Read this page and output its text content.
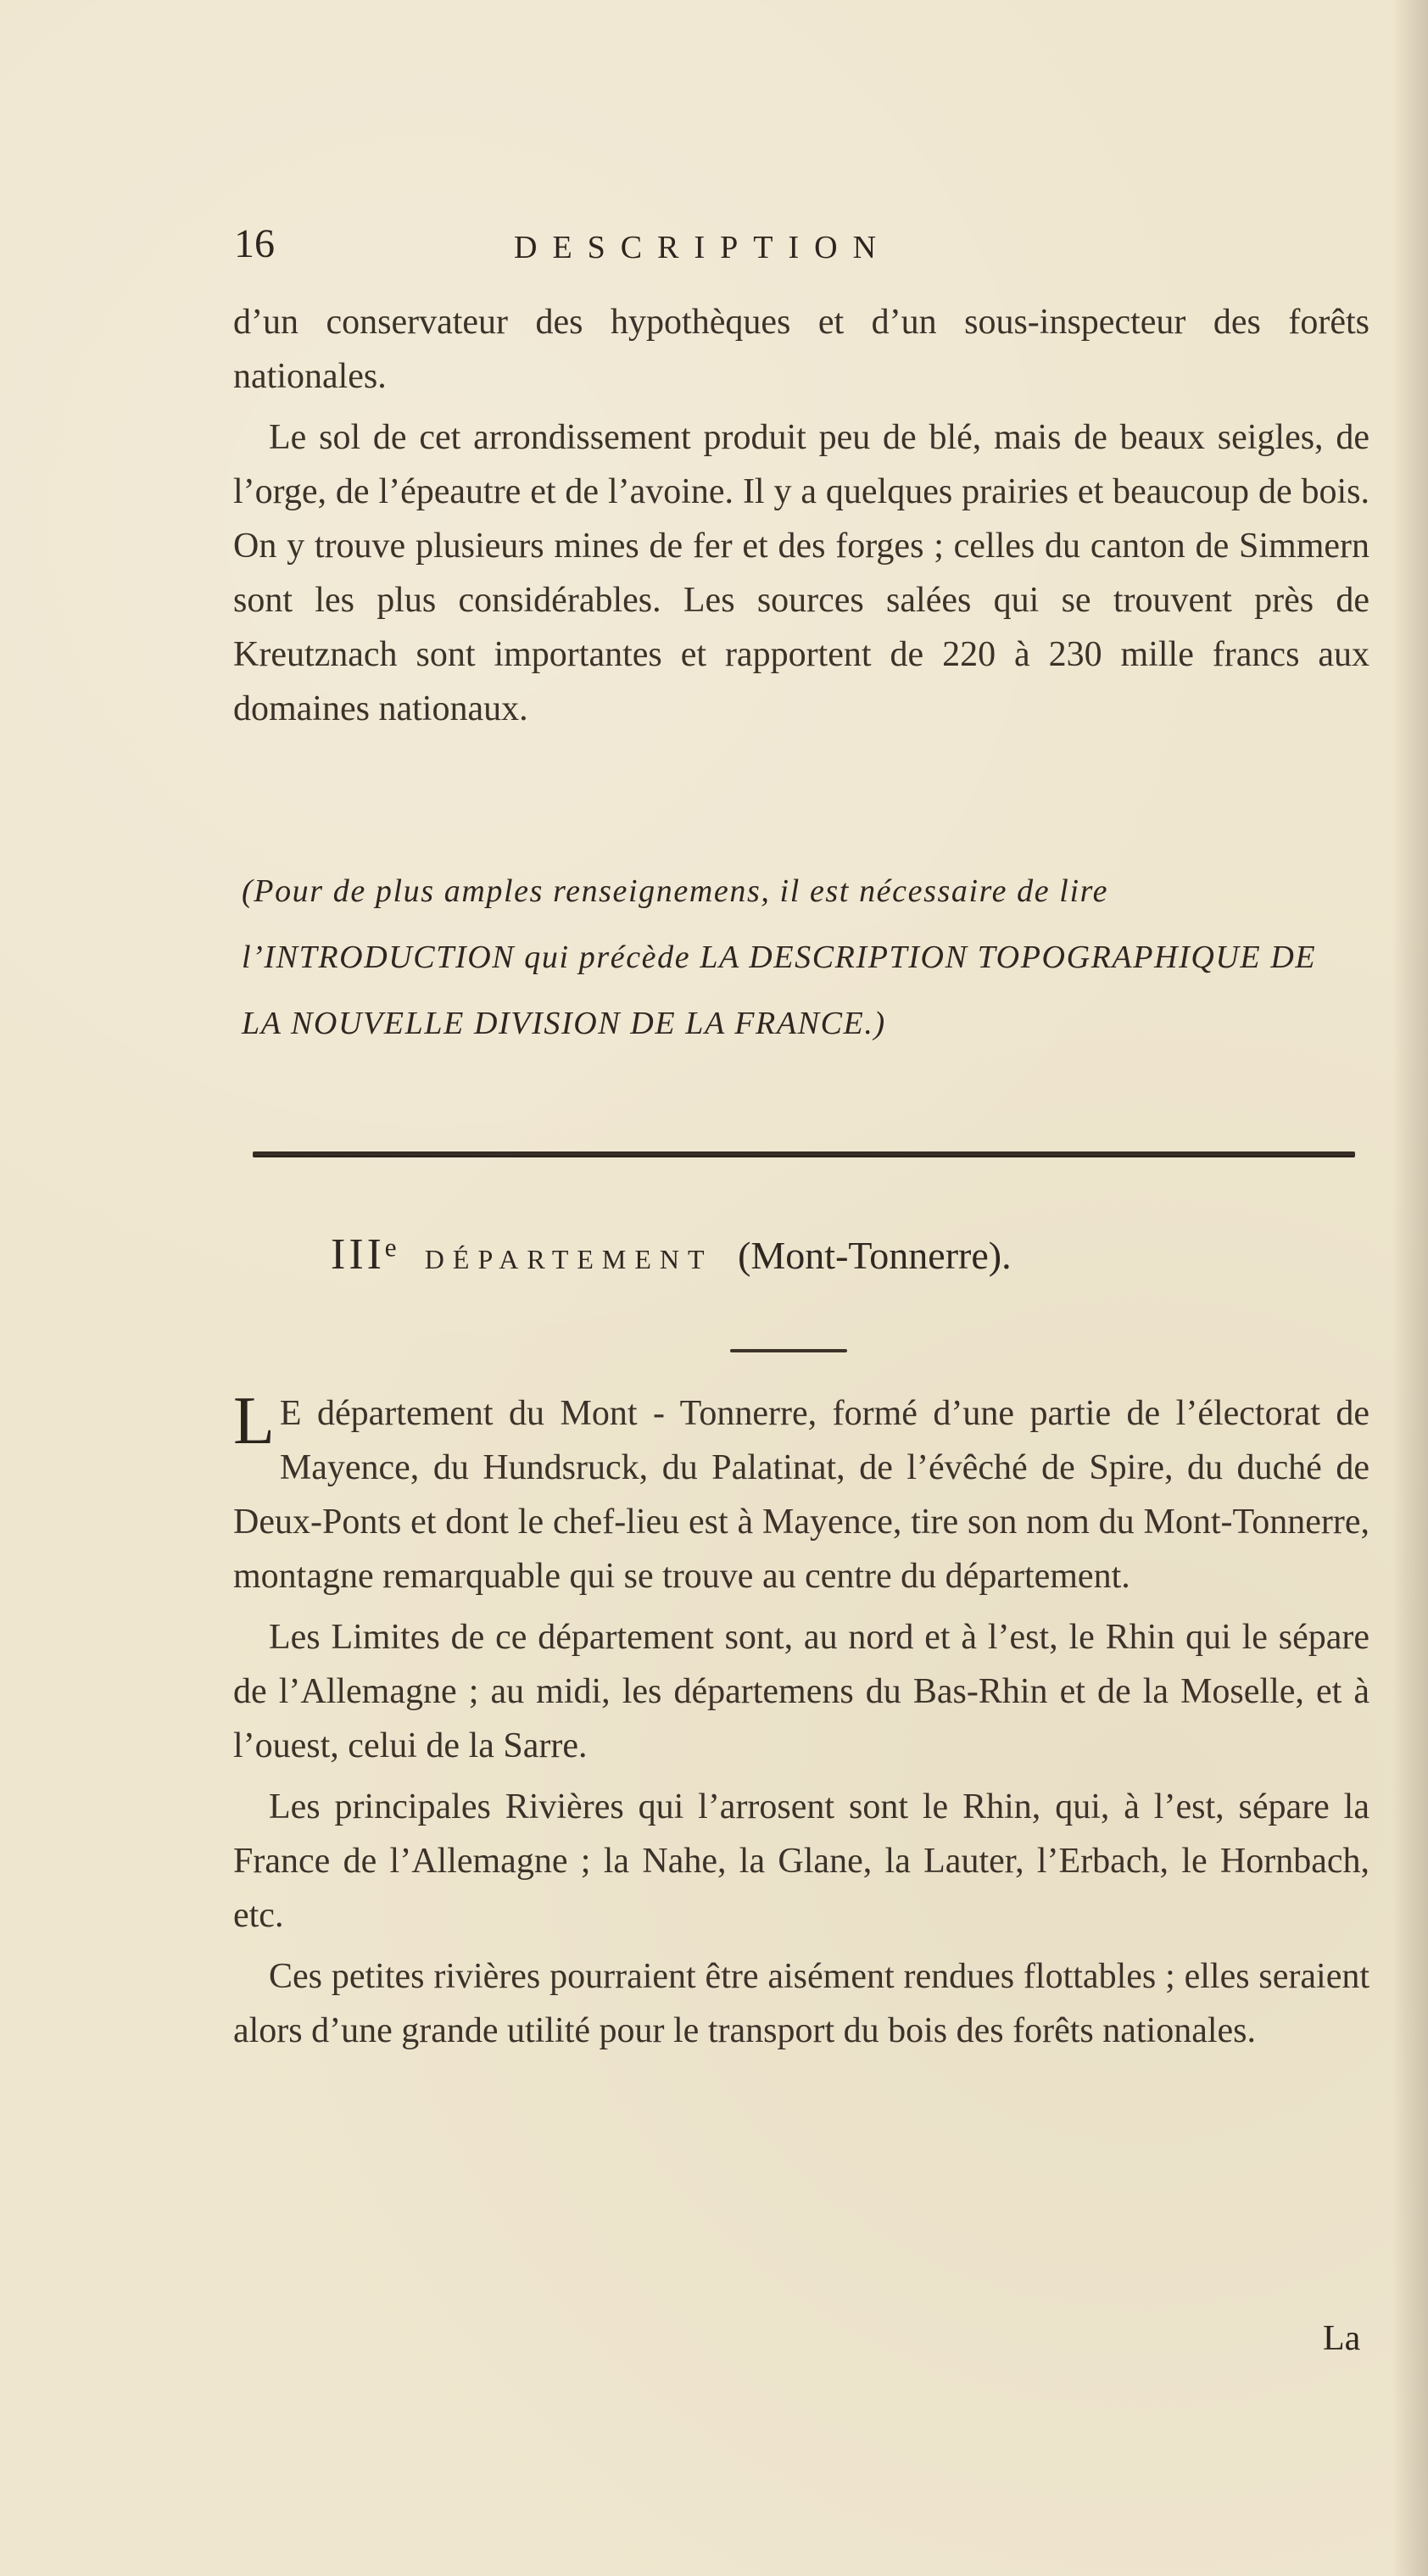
16	DESCRIPTION

d’un conservateur des hypothèques et d’un sous-inspecteur des forêts nationales.

Le sol de cet arrondissement produit peu de blé, mais de beaux seigles, de l’orge, de l’épeautre et de l’avoine. Il y a quelques prairies et beaucoup de bois. On y trouve plusieurs mines de fer et des forges ; celles du canton de Simmern sont les plus considérables. Les sources salées qui se trouvent près de Kreutznach sont importantes et rapportent de 220 à 230 mille francs aux domaines nationaux.

(Pour de plus amples renseignemens, il est nécessaire de lire l’INTRODUCTION qui précède LA DESCRIPTION TOPOGRAPHIQUE DE LA NOUVELLE DIVISION DE LA FRANCE.)
IIIᵉ DÉPARTEMENT (Mont-Tonnerre).

L E département du Mont - Tonnerre, formé d’une partie de l’électorat de Mayence, du Hundsruck, du Palatinat, de l’évêché de Spire, du duché de Deux-Ponts et dont le chef-lieu est à Mayence, tire son nom du Mont-Tonnerre, montagne remarquable qui se trouve au centre du département.

Les Limites de ce département sont, au nord et à l’est, le Rhin qui le sépare de l’Allemagne ; au midi, les départemens du Bas-Rhin et de la Moselle, et à l’ouest, celui de la Sarre.

Les principales Rivières qui l’arrosent sont le Rhin, qui, à l’est, sépare la France de l’Allemagne ; la Nahe, la Glane, la Lauter, l’Erbach, le Hornbach, etc.

Ces petites rivières pourraient être aisément rendues flottables ; elles seraient alors d’une grande utilité pour le transport du bois des forêts nationales.

La
